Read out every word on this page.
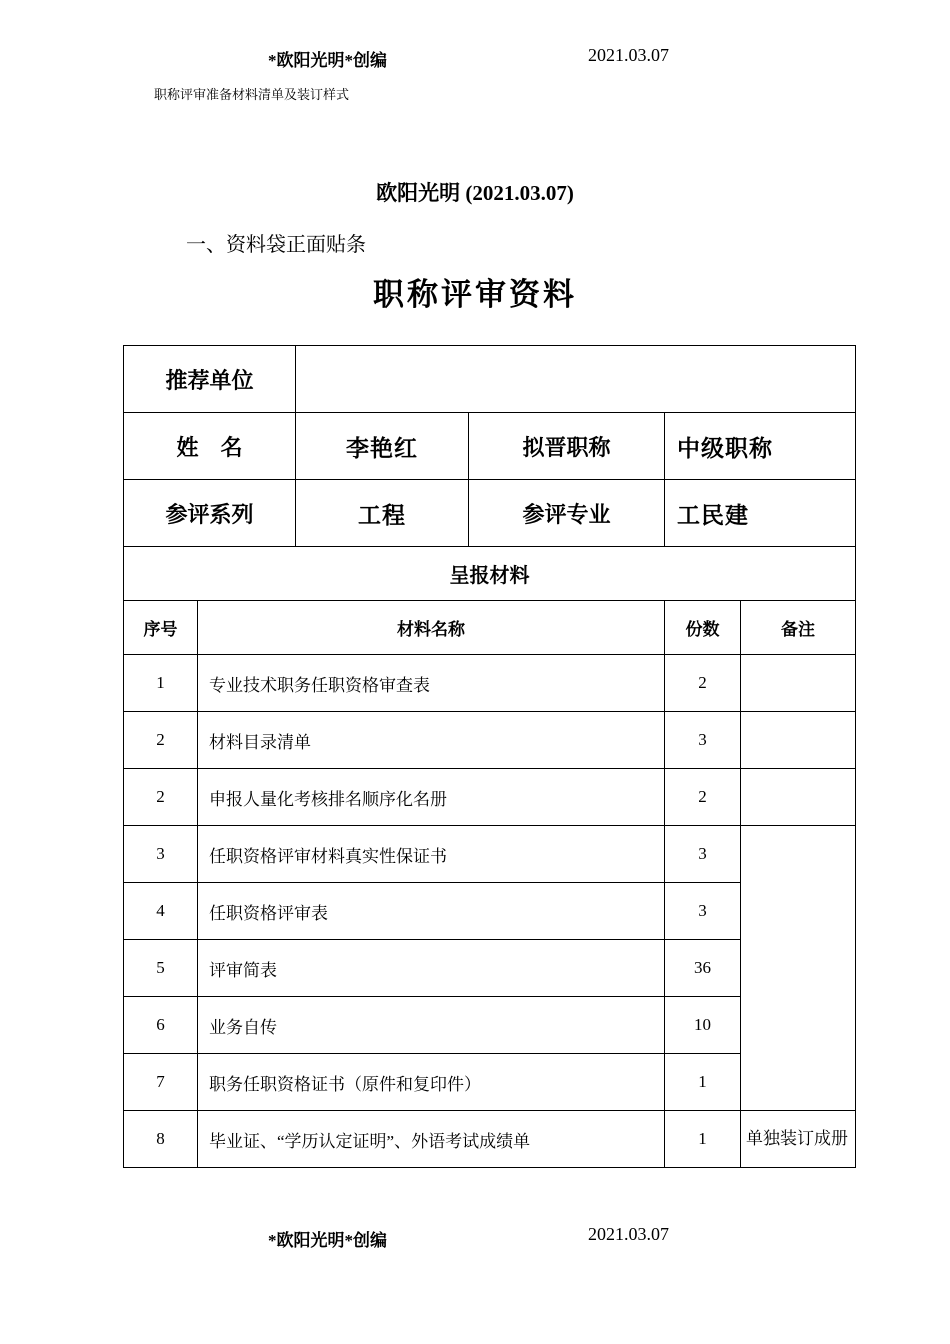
*欧阳光明*创编	2021.03.07
职称评审准备材料清单及装订样式
欧阳光明 (2021.03.07)
一、资料袋正面贴条
职称评审资料
推荐单位					
姓　名		李艳红	拟晋职称	中级职称	
参评系列		工程	参评专业	工民建	
呈报材料					
序号	材料名称			份数	备注
1	专业技术职务任职资格审查表			2	
2	材料目录清单			3	
2	申报人量化考核排名顺序化名册			2	
3	任职资格评审材料真实性保证书			3	
4	任职资格评审表			3	
5	评审简表			36	
6	业务自传			10	
7	职务任职资格证书（原件和复印件）			1	
8	毕业证、“学历认定证明”、外语考试成绩单			1	单独装订成册
*欧阳光明*创编	2021.03.07
